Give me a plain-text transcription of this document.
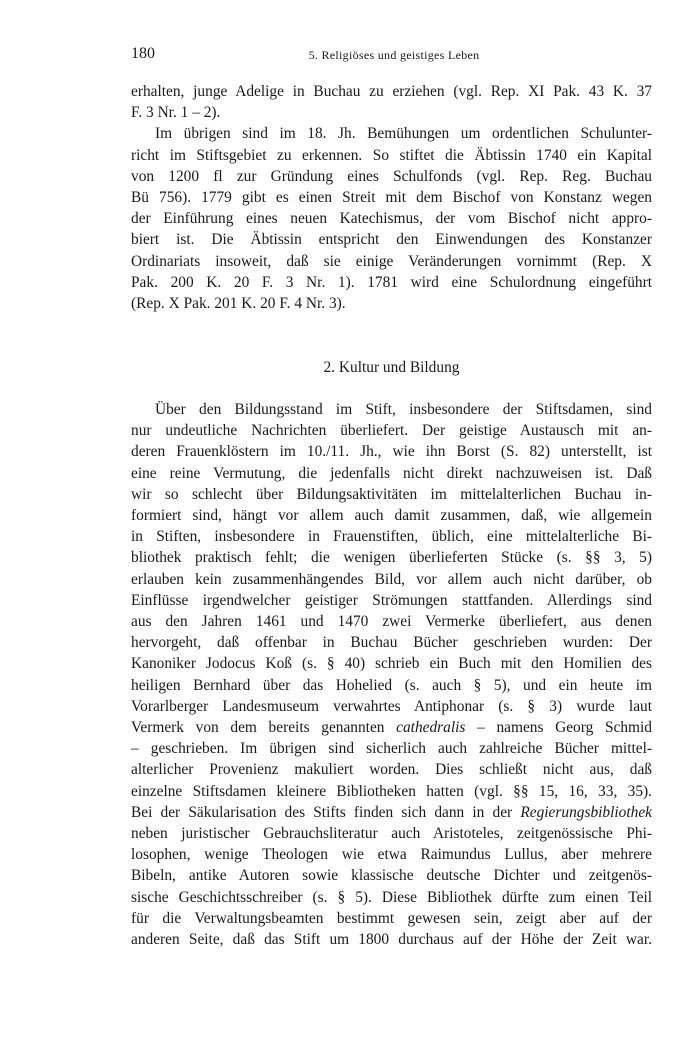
180	5. Religiöses und geistiges Leben

erhalten, junge Adelige in Buchau zu erziehen (vgl. Rep. XI Pak. 43 K. 37
F. 3 Nr. 1 – 2).

Im übrigen sind im 18. Jh. Bemühungen um ordentlichen Schulunter-
richt im Stiftsgebiet zu erkennen. So stiftet die Äbtissin 1740 ein Kapital
von 1200 fl zur Gründung eines Schulfonds (vgl. Rep. Reg. Buchau
Bü 756). 1779 gibt es einen Streit mit dem Bischof von Konstanz wegen
der Einführung eines neuen Katechismus, der vom Bischof nicht appro-
biert ist. Die Äbtissin entspricht den Einwendungen des Konstanzer
Ordinariats insoweit, daß sie einige Veränderungen vornimmt (Rep. X
Pak. 200 K. 20 F. 3 Nr. 1). 1781 wird eine Schulordnung eingeführt
(Rep. X Pak. 201 K. 20 F. 4 Nr. 3).

2. Kultur und Bildung

Über den Bildungsstand im Stift, insbesondere der Stiftsdamen, sind
nur undeutliche Nachrichten überliefert. Der geistige Austausch mit an-
deren Frauenklöstern im 10./11. Jh., wie ihn Borst (S. 82) unterstellt, ist
eine reine Vermutung, die jedenfalls nicht direkt nachzuweisen ist. Daß
wir so schlecht über Bildungsaktivitäten im mittelalterlichen Buchau in-
formiert sind, hängt vor allem auch damit zusammen, daß, wie allgemein
in Stiften, insbesondere in Frauenstiften, üblich, eine mittelalterliche Bi-
bliothek praktisch fehlt; die wenigen überlieferten Stücke (s. §§ 3, 5)
erlauben kein zusammenhängendes Bild, vor allem auch nicht darüber, ob
Einflüsse irgendwelcher geistiger Strömungen stattfanden. Allerdings sind
aus den Jahren 1461 und 1470 zwei Vermerke überliefert, aus denen
hervorgeht, daß offenbar in Buchau Bücher geschrieben wurden: Der
Kanoniker Jodocus Koß (s. § 40) schrieb ein Buch mit den Homilien des
heiligen Bernhard über das Hohelied (s. auch § 5), und ein heute im
Vorarlberger Landesmuseum verwahrtes Antiphonar (s. § 3) wurde laut
Vermerk von dem bereits genannten cathedralis – namens Georg Schmid
– geschrieben. Im übrigen sind sicherlich auch zahlreiche Bücher mittel-
alterlicher Provenienz makuliert worden. Dies schließt nicht aus, daß
einzelne Stiftsdamen kleinere Bibliotheken hatten (vgl. §§ 15, 16, 33, 35).
Bei der Säkularisation des Stifts finden sich dann in der Regierungsbibliothek
neben juristischer Gebrauchsliteratur auch Aristoteles, zeitgenössische Phi-
losophen, wenige Theologen wie etwa Raimundus Lullus, aber mehrere
Bibeln, antike Autoren sowie klassische deutsche Dichter und zeitgenös-
sische Geschichtsschreiber (s. § 5). Diese Bibliothek dürfte zum einen Teil
für die Verwaltungsbeamten bestimmt gewesen sein, zeigt aber auf der
anderen Seite, daß das Stift um 1800 durchaus auf der Höhe der Zeit war.
